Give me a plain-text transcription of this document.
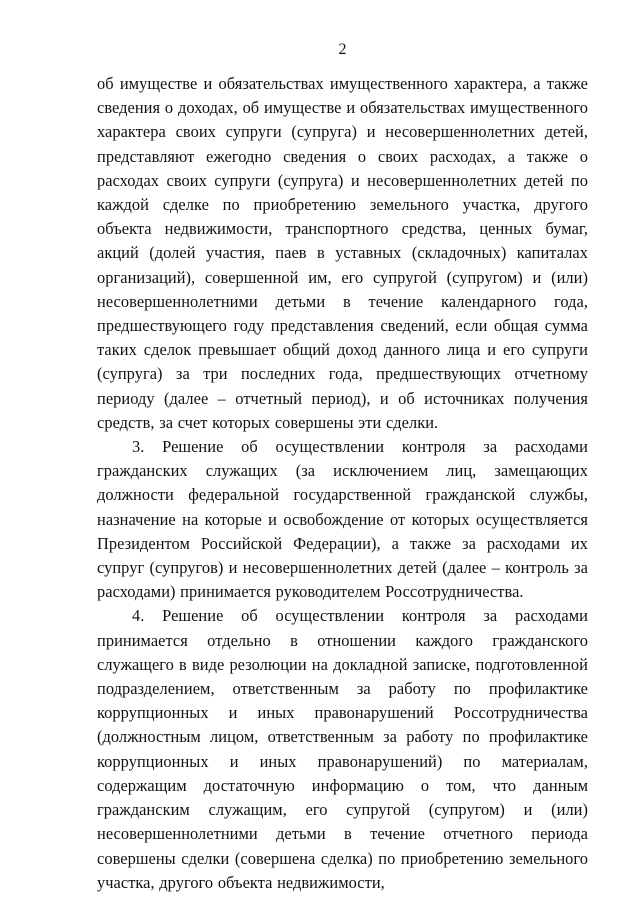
2

об имуществе и обязательствах имущественного характера, а также сведения о доходах, об имуществе и обязательствах имущественного характера своих супруги (супруга) и несовершеннолетних детей, представляют ежегодно сведения о своих расходах, а также о расходах своих супруги (супруга) и несовершеннолетних детей по каждой сделке по приобретению земельного участка, другого объекта недвижимости, транспортного средства, ценных бумаг, акций (долей участия, паев в уставных (складочных) капиталах организаций), совершенной им, его супругой (супругом) и (или) несовершеннолетними детьми в течение календарного года, предшествующего году представления сведений, если общая сумма таких сделок превышает общий доход данного лица и его супруги (супруга) за три последних года, предшествующих отчетному периоду (далее – отчетный период), и об источниках получения средств, за счет которых совершены эти сделки.

3. Решение об осуществлении контроля за расходами гражданских служащих (за исключением лиц, замещающих должности федеральной государственной гражданской службы, назначение на которые и освобождение от которых осуществляется Президентом Российской Федерации), а также за расходами их супруг (супругов) и несовершеннолетних детей (далее – контроль за расходами) принимается руководителем Россотрудничества.

4. Решение об осуществлении контроля за расходами принимается отдельно в отношении каждого гражданского служащего в виде резолюции на докладной записке, подготовленной подразделением, ответственным за работу по профилактике коррупционных и иных правонарушений Россотрудничества (должностным лицом, ответственным за работу по профилактике коррупционных и иных правонарушений) по материалам, содержащим достаточную информацию о том, что данным гражданским служащим, его супругой (супругом) и (или) несовершеннолетними детьми в течение отчетного периода совершены сделки (совершена сделка) по приобретению земельного участка, другого объекта недвижимости,
